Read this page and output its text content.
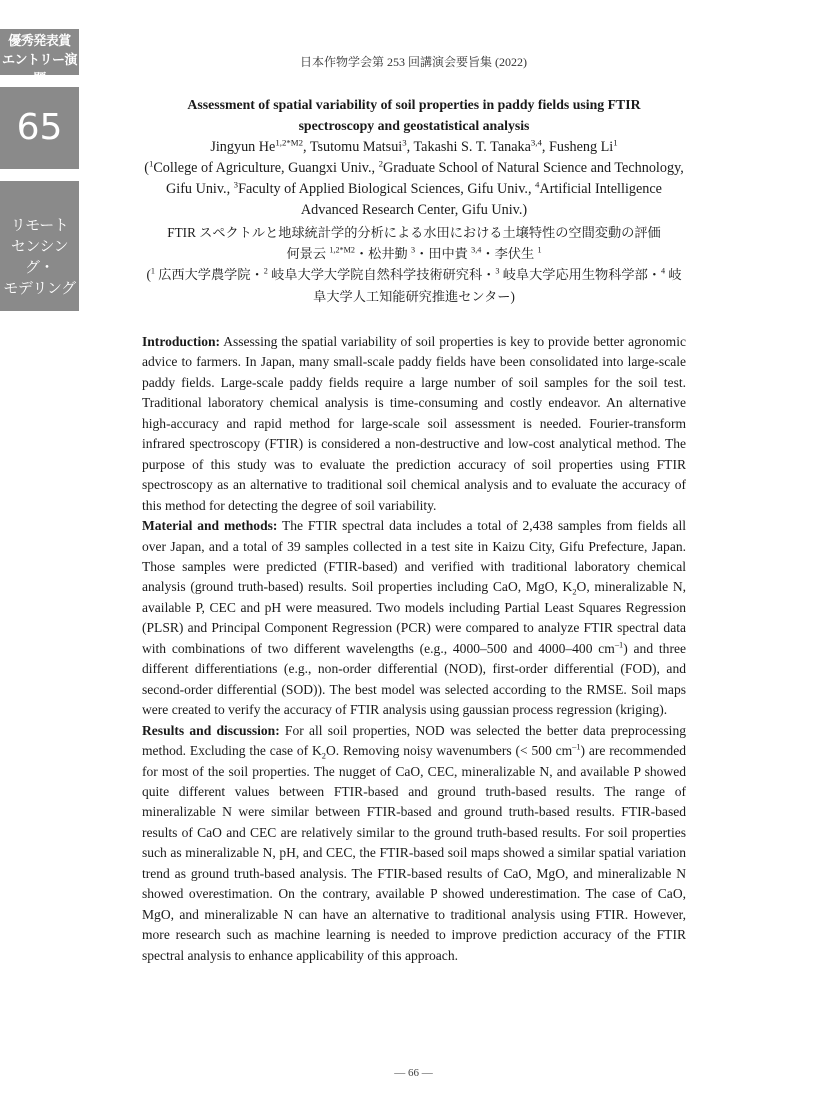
優秀発表賞
エントリー演題
65
リモート
センシング・
モデリング
日本作物学会第 253 回講演会要旨集 (2022)
Assessment of spatial variability of soil properties in paddy fields using FTIR
spectroscopy and geostatistical analysis
Jingyun $He^{1,2*M2}$, Tsutomu Matsui$^3$, Takashi S. T. Tanaka$^{3,4}$, Fusheng Li$^1$
($^1$College of Agriculture, Guangxi Univ., $^2$Graduate School of Natural Science and Technology, Gifu Univ., $^3$Faculty of Applied Biological Sciences, Gifu Univ., $^4$Artificial Intelligence Advanced Research Center, Gifu Univ.)
FTIR スペクトルと地球統計学的分析による水田における土壌特性の空間変動の評価
何景云 $^{1,2*M2}$・松井勤 $^3$・田中貴 $^{3,4}$・李伏生 $^1$
($^1$ 広西大学農学院・$^2$ 岐阜大学大学院自然科学技術研究科・$^3$ 岐阜大学応用生物科学部・$^4$ 岐阜大学人工知能研究推進センター)

Introduction: Assessing the spatial variability of soil properties is key to provide better agronomic advice to farmers. In Japan, many small-scale paddy fields have been consolidated into large-scale paddy fields. Large-scale paddy fields require a large number of soil samples for the soil test. Traditional laboratory chemical analysis is time-consuming and costly endeavor. An alternative high-accuracy and rapid method for large-scale soil assessment is needed. Fourier-transform infrared spectroscopy (FTIR) is considered a non-destructive and low-cost analytical method. The purpose of this study was to evaluate the prediction accuracy of soil properties using FTIR spectroscopy as an alternative to traditional soil chemical analysis and to evaluate the accuracy of this method for detecting the degree of soil variability.

Material and methods: The FTIR spectral data includes a total of 2,438 samples from fields all over Japan, and a total of 39 samples collected in a test site in Kaizu City, Gifu Prefecture, Japan. Those samples were predicted (FTIR-based) and verified with traditional laboratory chemical analysis (ground truth-based) results. Soil properties including CaO, MgO, $K_2O$, mineralizable N, available P, CEC and pH were measured. Two models including Partial Least Squares Regression (PLSR) and Principal Component Regression (PCR) were compared to analyze FTIR spectral data with combinations of two different wavelengths (e.g., 4000–500 and 4000–400 $cm^{-1}$) and three different differentiations (e.g., non-order differential (NOD), first-order differential (FOD), and second-order differential (SOD)). The best model was selected according to the RMSE. Soil maps were created to verify the accuracy of FTIR analysis using gaussian process regression (kriging).

Results and discussion: For all soil properties, NOD was selected the better data preprocessing method. Excluding the case of $K_2O$. Removing noisy wavenumbers (< 500 $cm^{-1}$) are recommended for most of the soil properties. The nugget of CaO, CEC, mineralizable N, and available P showed quite different values between FTIR-based and ground truth-based results. The range of mineralizable N were similar between FTIR-based and ground truth-based results. FTIR-based results of CaO and CEC are relatively similar to the ground truth-based results. For soil properties such as mineralizable N, pH, and CEC, the FTIR-based soil maps showed a similar spatial variation trend as ground truth-based analysis. The FTIR-based results of CaO, MgO, and mineralizable N showed overestimation. On the contrary, available P showed underestimation. The case of CaO, MgO, and mineralizable N can have an alternative to traditional analysis using FTIR. However, more research such as machine learning is needed to improve prediction accuracy of the FTIR spectral analysis to enhance applicability of this approach.

— 66 —
